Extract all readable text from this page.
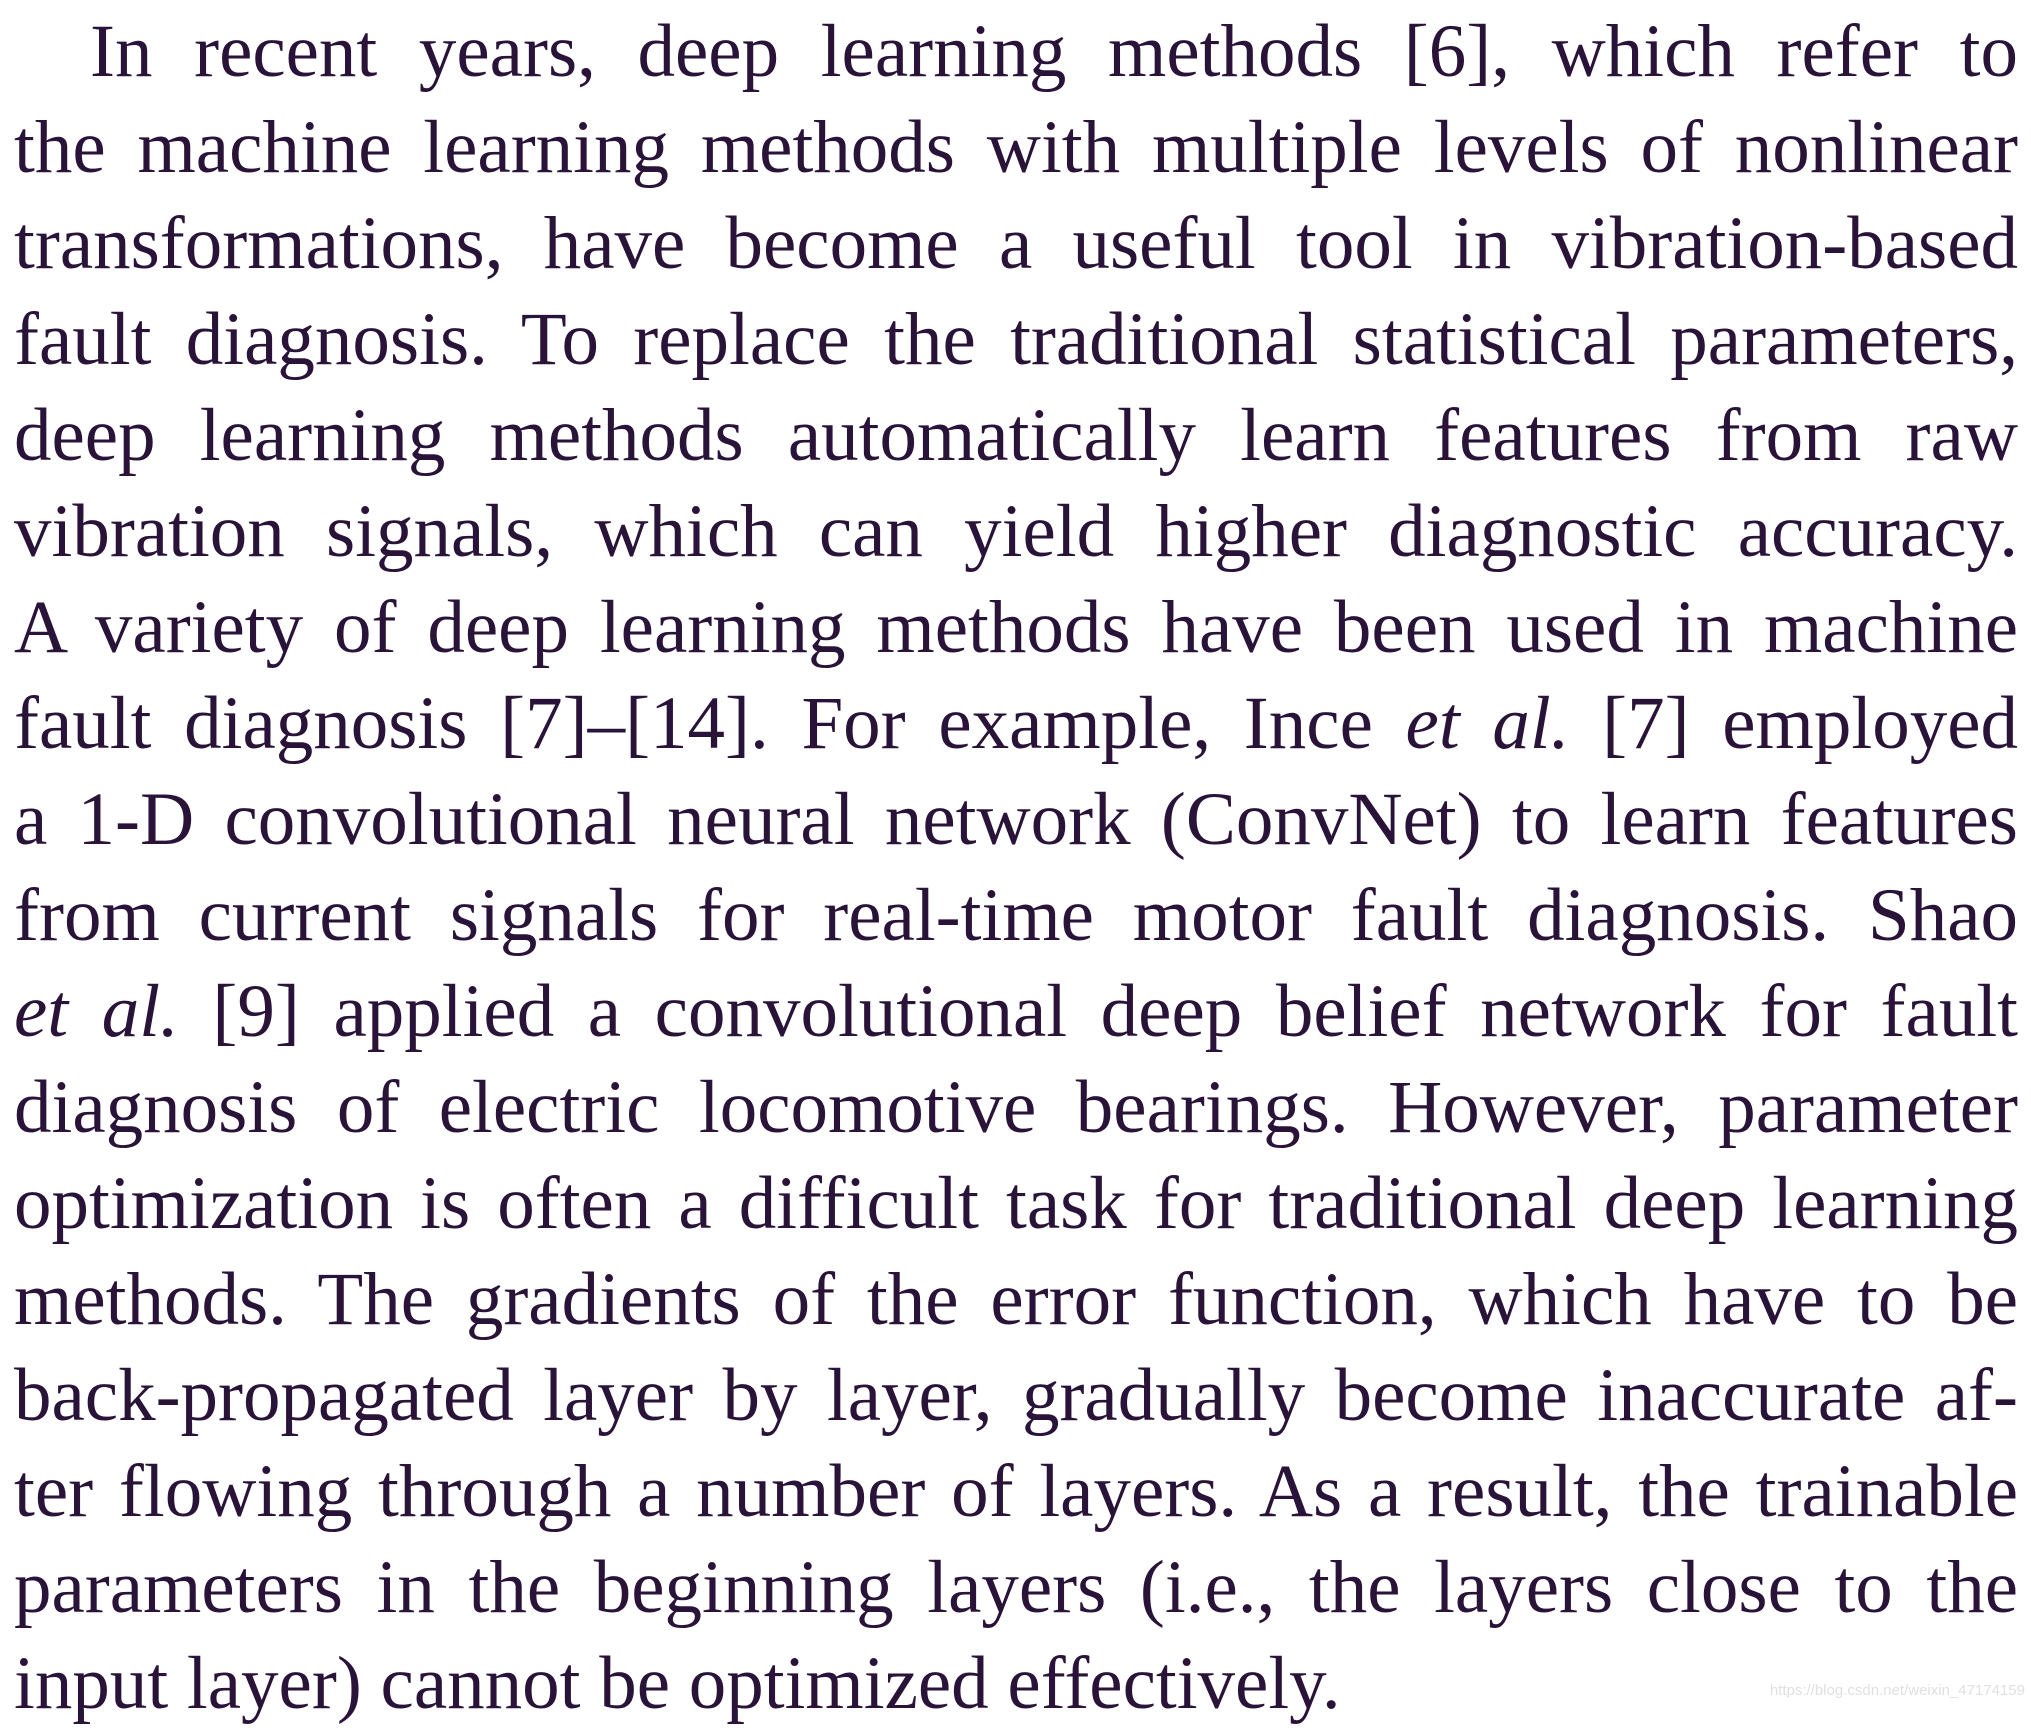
In recent years, deep learning methods [6], which refer to
the machine learning methods with multiple levels of nonlinear
transformations, have become a useful tool in vibration-based
fault diagnosis. To replace the traditional statistical parameters,
deep learning methods automatically learn features from raw
vibration signals, which can yield higher diagnostic accuracy.
A variety of deep learning methods have been used in machine
fault diagnosis [7]–[14]. For example, Ince et al. [7] employed
a 1-D convolutional neural network (ConvNet) to learn features
from current signals for real-time motor fault diagnosis. Shao
et al. [9] applied a convolutional deep belief network for fault
diagnosis of electric locomotive bearings. However, parameter
optimization is often a difficult task for traditional deep learning
methods. The gradients of the error function, which have to be
back-propagated layer by layer, gradually become inaccurate af-
ter flowing through a number of layers. As a result, the trainable
parameters in the beginning layers (i.e., the layers close to the
input layer) cannot be optimized effectively.	https://blog.csdn.net/weixin_47174159
